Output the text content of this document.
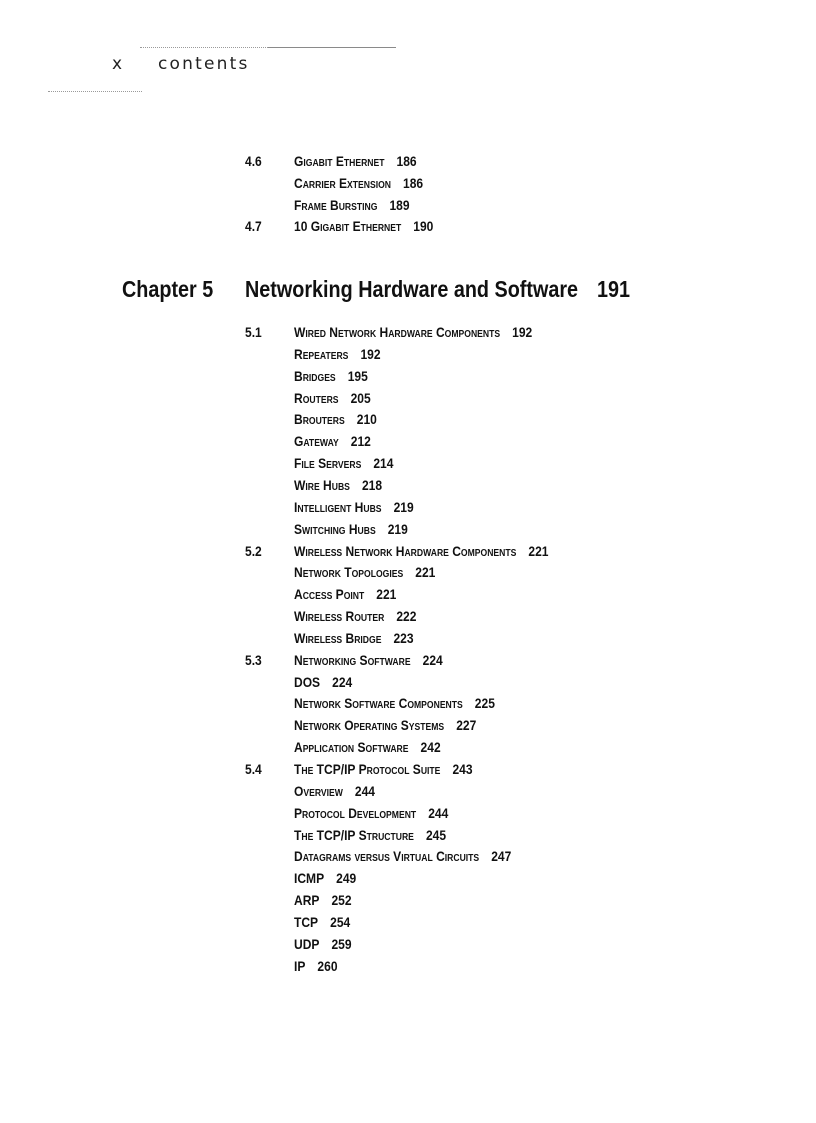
x contents
4.6 Gigabit Ethernet 186
Carrier Extension 186
Frame Bursting 189
4.7 10 Gigabit Ethernet 190
Chapter 5 Networking Hardware and Software 191
5.1 Wired Network Hardware Components 192
Repeaters 192
Bridges 195
Routers 205
Brouters 210
Gateway 212
File Servers 214
Wire Hubs 218
Intelligent Hubs 219
Switching Hubs 219
5.2 Wireless Network Hardware Components 221
Network Topologies 221
Access Point 221
Wireless Router 222
Wireless Bridge 223
5.3 Networking Software 224
DOS 224
Network Software Components 225
Network Operating Systems 227
Application Software 242
5.4 The TCP/IP Protocol Suite 243
Overview 244
Protocol Development 244
The TCP/IP Structure 245
Datagrams versus Virtual Circuits 247
ICMP 249
ARP 252
TCP 254
UDP 259
IP 260
